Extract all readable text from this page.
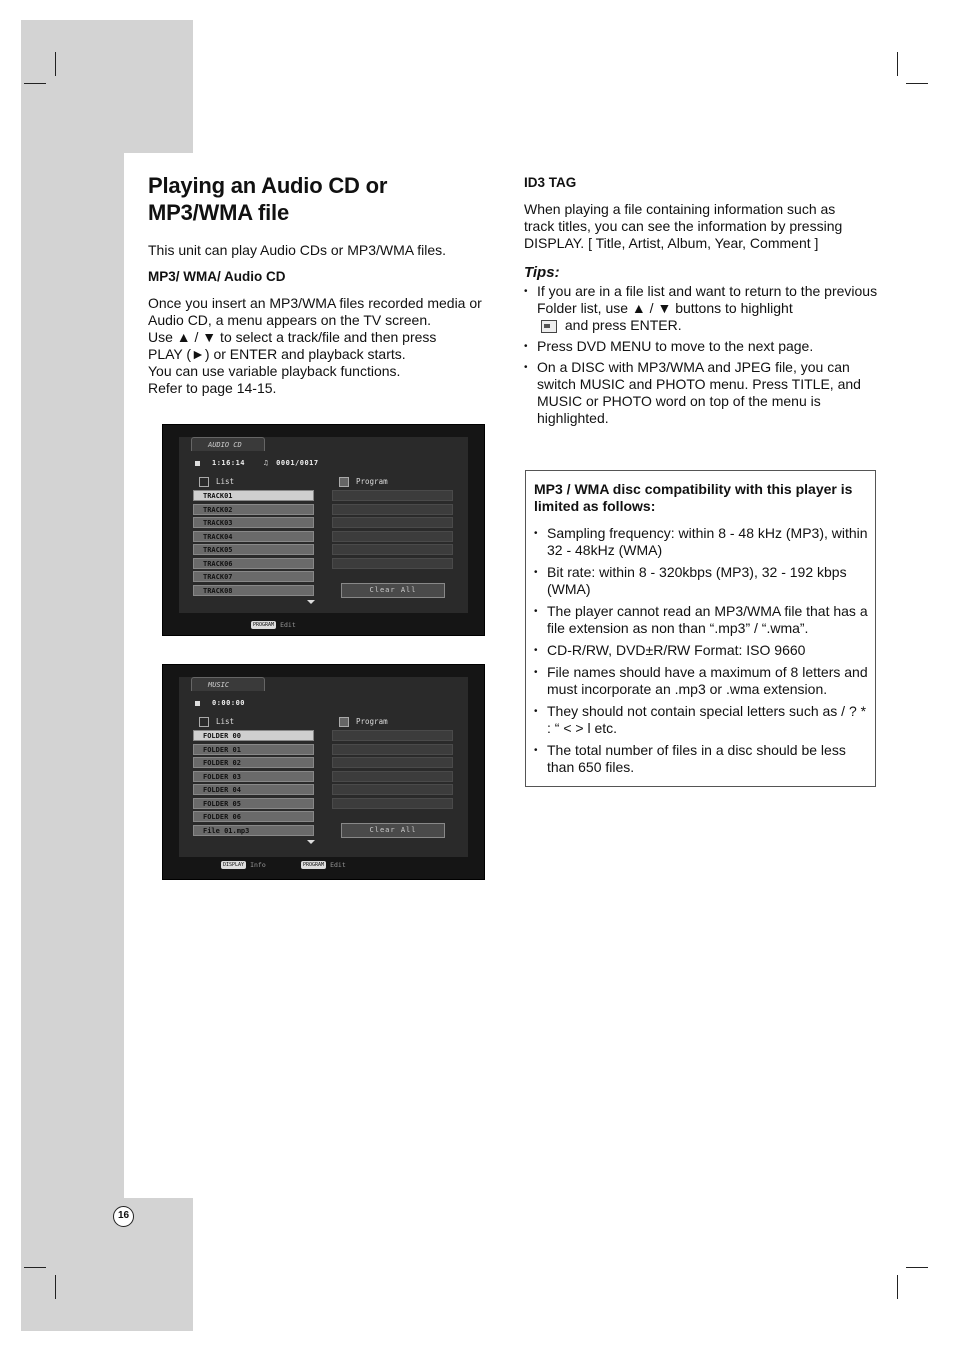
Playing an Audio CD or MP3/WMA file
This unit can play Audio CDs or MP3/WMA files.
MP3/ WMA/ Audio CD
Once you insert an MP3/WMA files recorded media or
Audio CD, a menu appears on the TV screen.
Use ▲ / ▼ to select a track/file and then press
PLAY (►) or ENTER and playback starts.
You can use variable playback functions.
Refer to page 14-15.
AUDIO CD
1:16:14	♫ 0001/0017
List	Program
TRACK01
TRACK02
TRACK03
TRACK04
TRACK05
TRACK06
TRACK07
TRACK08	Clear All
PROGRAM Edit
MUSIC
0:00:00
List	Program
FOLDER 00
FOLDER 01
FOLDER 02
FOLDER 03
FOLDER 04
FOLDER 05
FOLDER 06
File 01.mp3	Clear All
DISPLAY Info	PROGRAM Edit
ID3 TAG
When playing a file containing information such as
track titles, you can see the information by pressing
DISPLAY. [ Title, Artist, Album, Year, Comment ]
Tips:
• If you are in a file list and want to return to the previous Folder list, use ▲ / ▼ buttons to highlight
and press ENTER.
• Press DVD MENU to move to the next page.
• On a DISC with MP3/WMA and JPEG file, you can switch MUSIC and PHOTO menu. Press TITLE, and MUSIC or PHOTO word on top of the menu is highlighted.
MP3 / WMA disc compatibility with this player is limited as follows:
• Sampling frequency: within 8 - 48 kHz (MP3), within 32 - 48kHz (WMA)
• Bit rate: within 8 - 320kbps (MP3), 32 - 192 kbps (WMA)
• The player cannot read an MP3/WMA file that has a file extension as non than “.mp3” / “.wma”.
• CD-R/RW, DVD±R/RW Format: ISO 9660
• File names should have a maximum of 8 letters and must incorporate an .mp3 or .wma extension.
• They should not contain special letters such as / ? * : “ < > l etc.
• The total number of files in a disc should be less than 650 files.
16
